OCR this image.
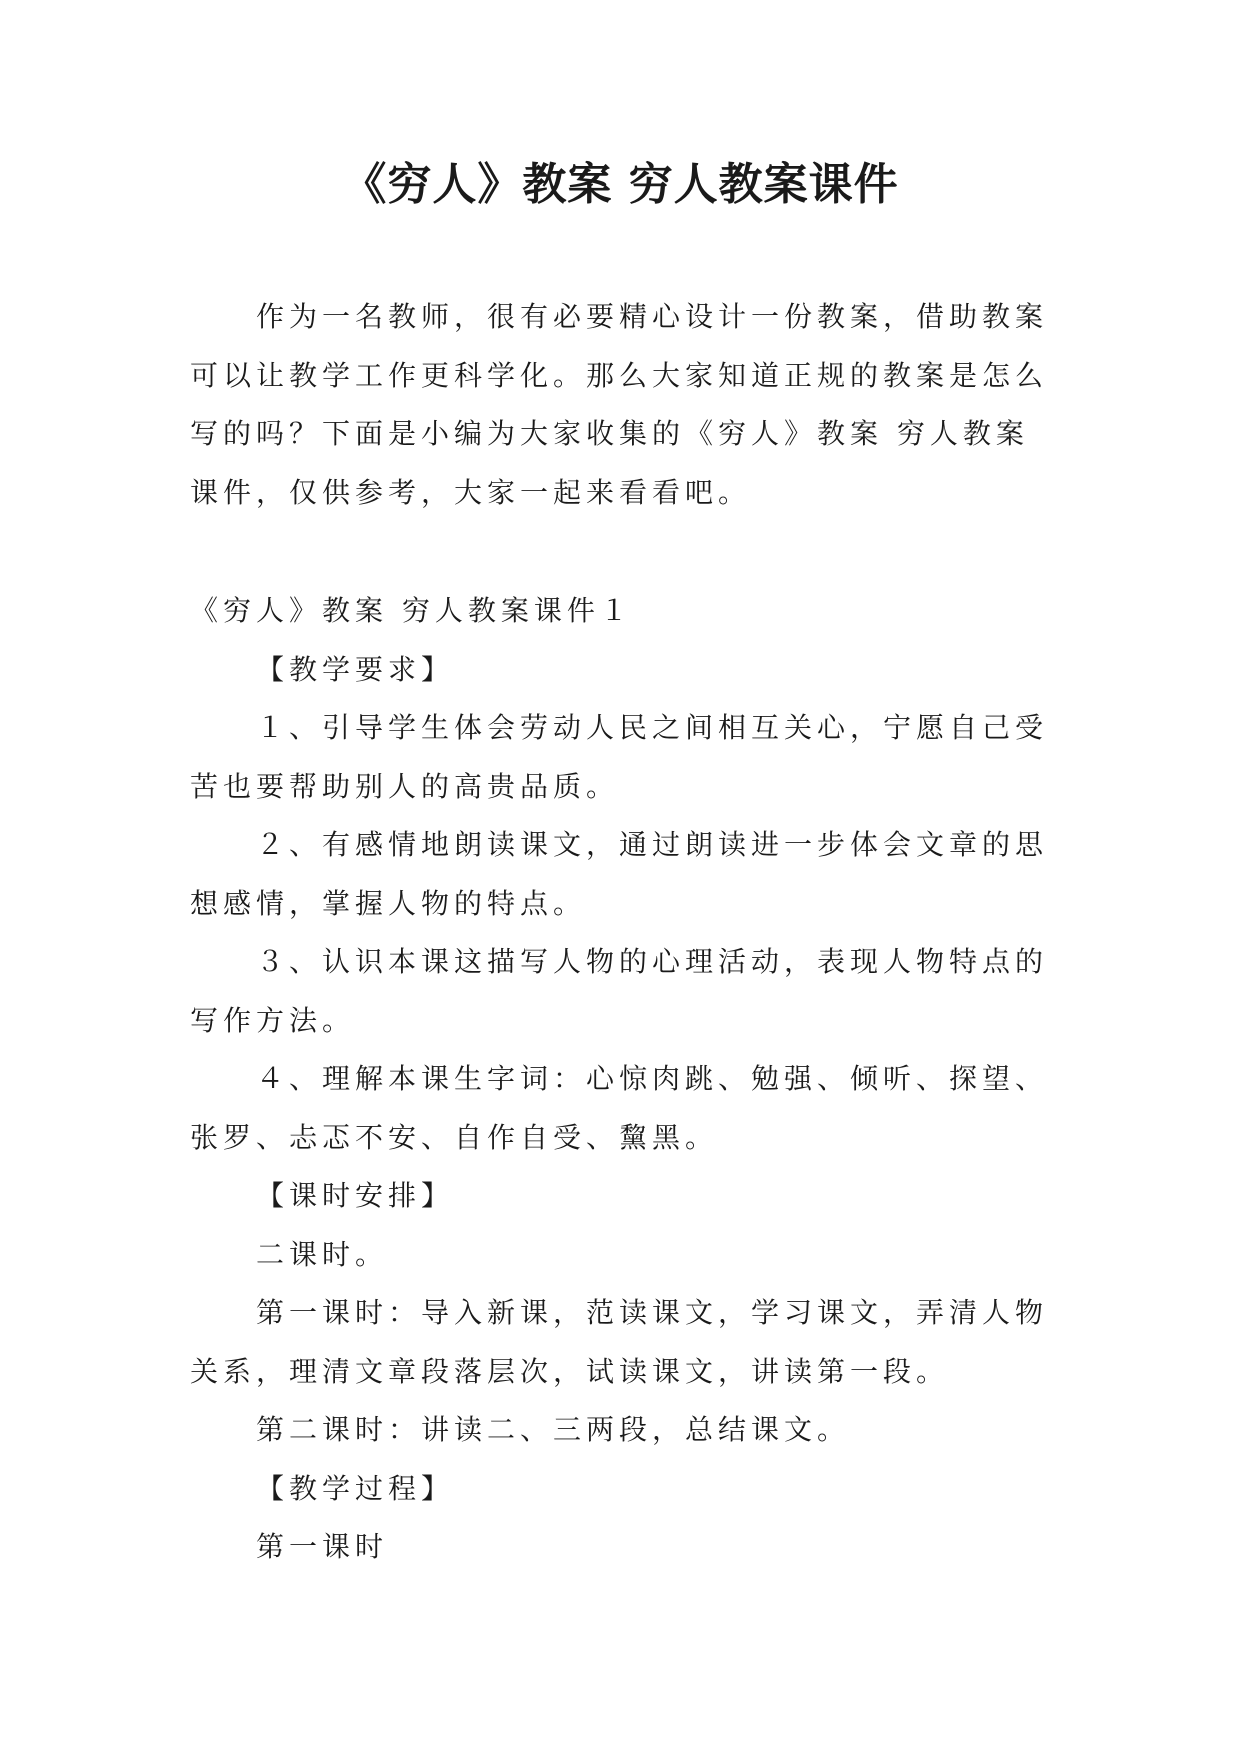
《穷人》教案 穷人教案课件

作为一名教师，很有必要精心设计一份教案，借助教案可以让教学工作更科学化。那么大家知道正规的教案是怎么写的吗？下面是小编为大家收集的《穷人》教案 穷人教案课件，仅供参考，大家一起来看看吧。

《穷人》教案 穷人教案课件１

【教学要求】

１、引导学生体会劳动人民之间相互关心，宁愿自己受苦也要帮助别人的高贵品质。

２、有感情地朗读课文，通过朗读进一步体会文章的思想感情，掌握人物的特点。

３、认识本课这描写人物的心理活动，表现人物特点的写作方法。

４、理解本课生字词：心惊肉跳、勉强、倾听、探望、张罗、忐忑不安、自作自受、黧黑。

【课时安排】

二课时。

第一课时：导入新课，范读课文，学习课文，弄清人物关系，理清文章段落层次，试读课文，讲读第一段。

第二课时：讲读二、三两段，总结课文。

【教学过程】

第一课时
